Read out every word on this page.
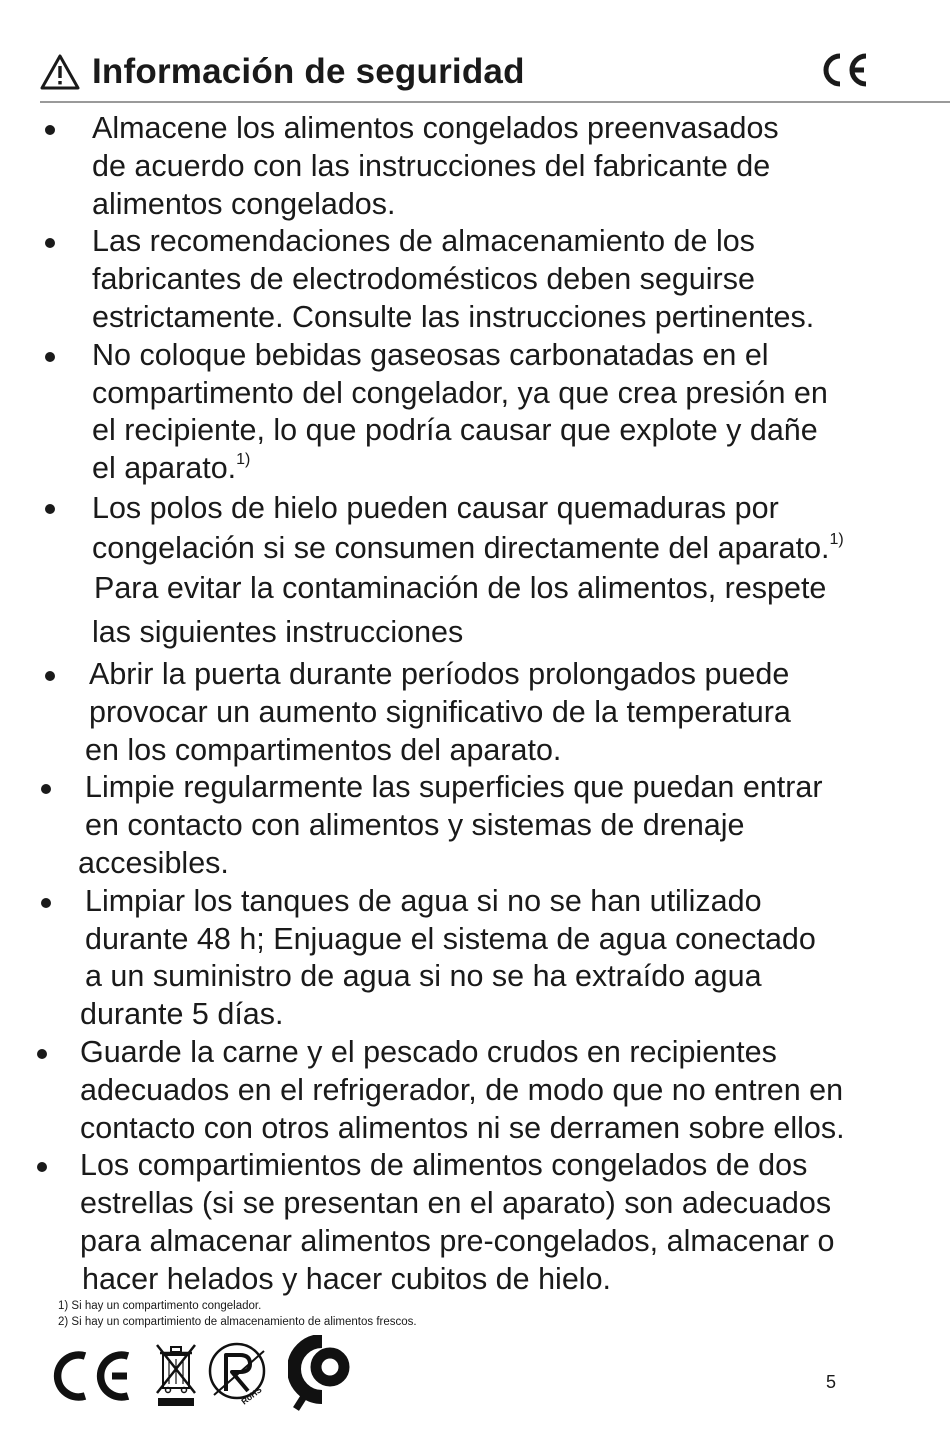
Información de seguridad
Almacene los alimentos congelados preenvasados
de acuerdo con las instrucciones del fabricante de
alimentos congelados.
Las recomendaciones de almacenamiento de los
fabricantes de electrodomésticos deben seguirse
estrictamente. Consulte las instrucciones pertinentes.
No coloque bebidas gaseosas carbonatadas en el
compartimento del congelador, ya que crea presión en
el recipiente, lo que podría causar que explote y dañe
el aparato.$^{1)}$
Los polos de hielo pueden causar quemaduras por
congelación si se consumen directamente del aparato.$^{1)}$
Para evitar la contaminación de los alimentos, respete
las siguientes instrucciones
Abrir la puerta durante períodos prolongados puede
provocar un aumento significativo de la temperatura
en los compartimentos del aparato.
Limpie regularmente las superficies que puedan entrar
en contacto con alimentos y sistemas de drenaje
accesibles.
Limpiar los tanques de agua si no se han utilizado
durante 48 h; Enjuague el sistema de agua conectado
a un suministro de agua si no se ha extraído agua
durante 5 días.
Guarde la carne y el pescado crudos en recipientes
adecuados en el refrigerador, de modo que no entren en
contacto con otros alimentos ni se derramen sobre ellos.
Los compartimientos de alimentos congelados de dos
estrellas (si se presentan en el aparato) son adecuados
para almacenar alimentos pre-congelados, almacenar o
hacer helados y hacer cubitos de hielo.
1) Si hay un compartimento congelador.
2) Si hay un compartimiento de almacenamiento de alimentos frescos.
RoHS
5
